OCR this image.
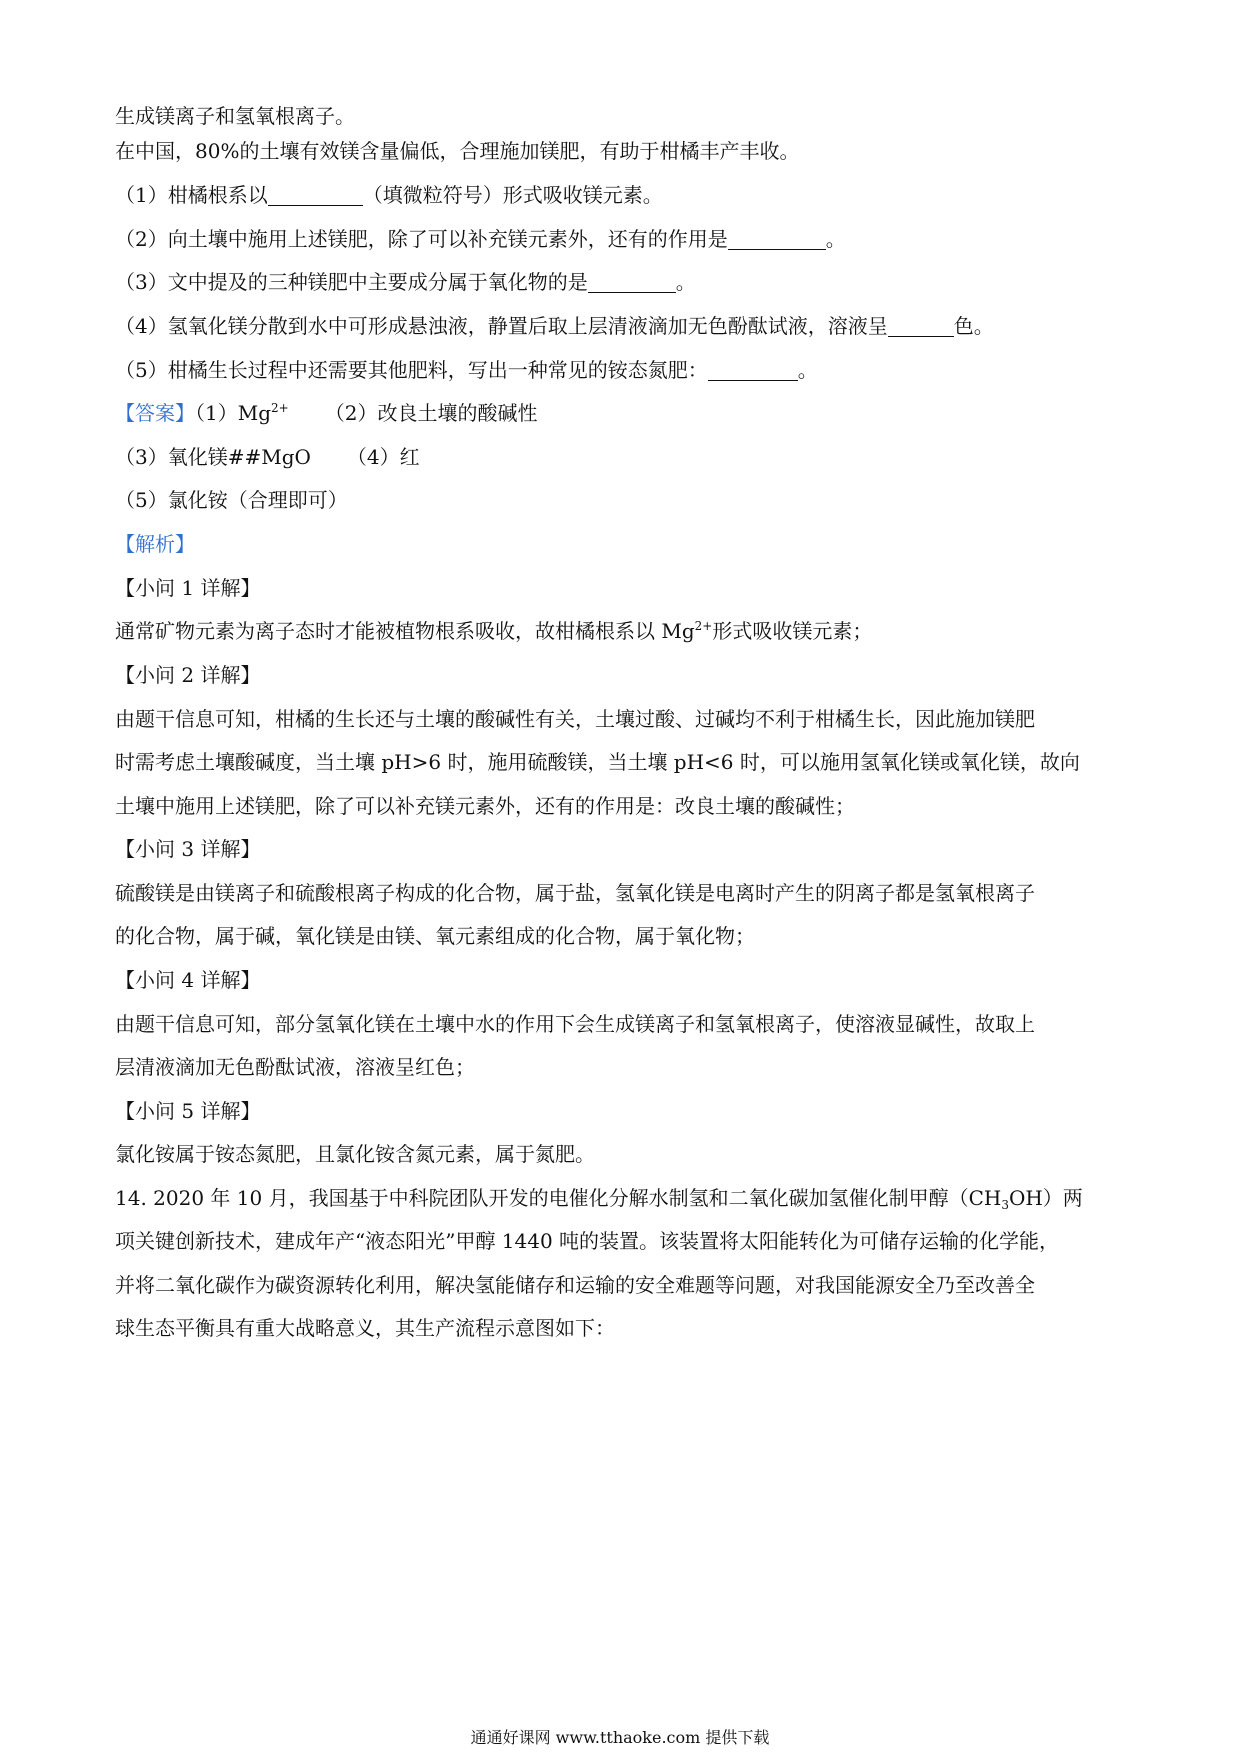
生成镁离子和氢氧根离子。
在中国，80%的土壤有效镁含量偏低，合理施加镁肥，有助于柑橘丰产丰收。
（1）柑橘根系以	（填微粒符号）形式吸收镁元素。
（2）向土壤中施用上述镁肥，除了可以补充镁元素外，还有的作用是	。
（3）文中提及的三种镁肥中主要成分属于氧化物的是	。
（4）氢氧化镁分散到水中可形成悬浊液，静置后取上层清液滴加无色酚酞试液，溶液呈	色。
（5）柑橘生长过程中还需要其他肥料，写出一种常见的铵态氮肥：	。
【答案】$(1)Mg^{2+}$ （2）改良土壤的酸碱性
（3）氧化镁##MgO （4）红
（5）氯化铵（合理即可）
【解析】
【小问 1 详解】
通常矿物元素为离子态时才能被植物根系吸收，故柑橘根系以 $Mg^{2+}$形式吸收镁元素；
【小问 2 详解】
由题干信息可知，柑橘的生长还与土壤的酸碱性有关，土壤过酸、过碱均不利于柑橘生长，因此施加镁肥
时需考虑土壤酸碱度，当土壤 pH>6 时，施用硫酸镁，当土壤 pH<6 时，可以施用氢氧化镁或氧化镁，故向
土壤中施用上述镁肥，除了可以补充镁元素外，还有的作用是：改良土壤的酸碱性；
【小问 3 详解】
硫酸镁是由镁离子和硫酸根离子构成的化合物，属于盐，氢氧化镁是电离时产生的阴离子都是氢氧根离子
的化合物，属于碱，氧化镁是由镁、氧元素组成的化合物，属于氧化物；
【小问 4 详解】
由题干信息可知，部分氢氧化镁在土壤中水的作用下会生成镁离子和氢氧根离子，使溶液显碱性，故取上
层清液滴加无色酚酞试液，溶液呈红色；
【小问 5 详解】
氯化铵属于铵态氮肥，且氯化铵含氮元素，属于氮肥。
14. 2020 年 10 月，我国基于中科院团队开发的电催化分解水制氢和二氧化碳加氢催化制甲醇$(CH_3OH)$两
项关键创新技术，建成年产“液态阳光”甲醇 1440 吨的装置。该装置将太阳能转化为可储存运输的化学能，
并将二氧化碳作为碳资源转化利用，解决氢能储存和运输的安全难题等问题，对我国能源安全乃至改善全
球生态平衡具有重大战略意义，其生产流程示意图如下：
通通好课网 www.tthaoke.com 提供下载
